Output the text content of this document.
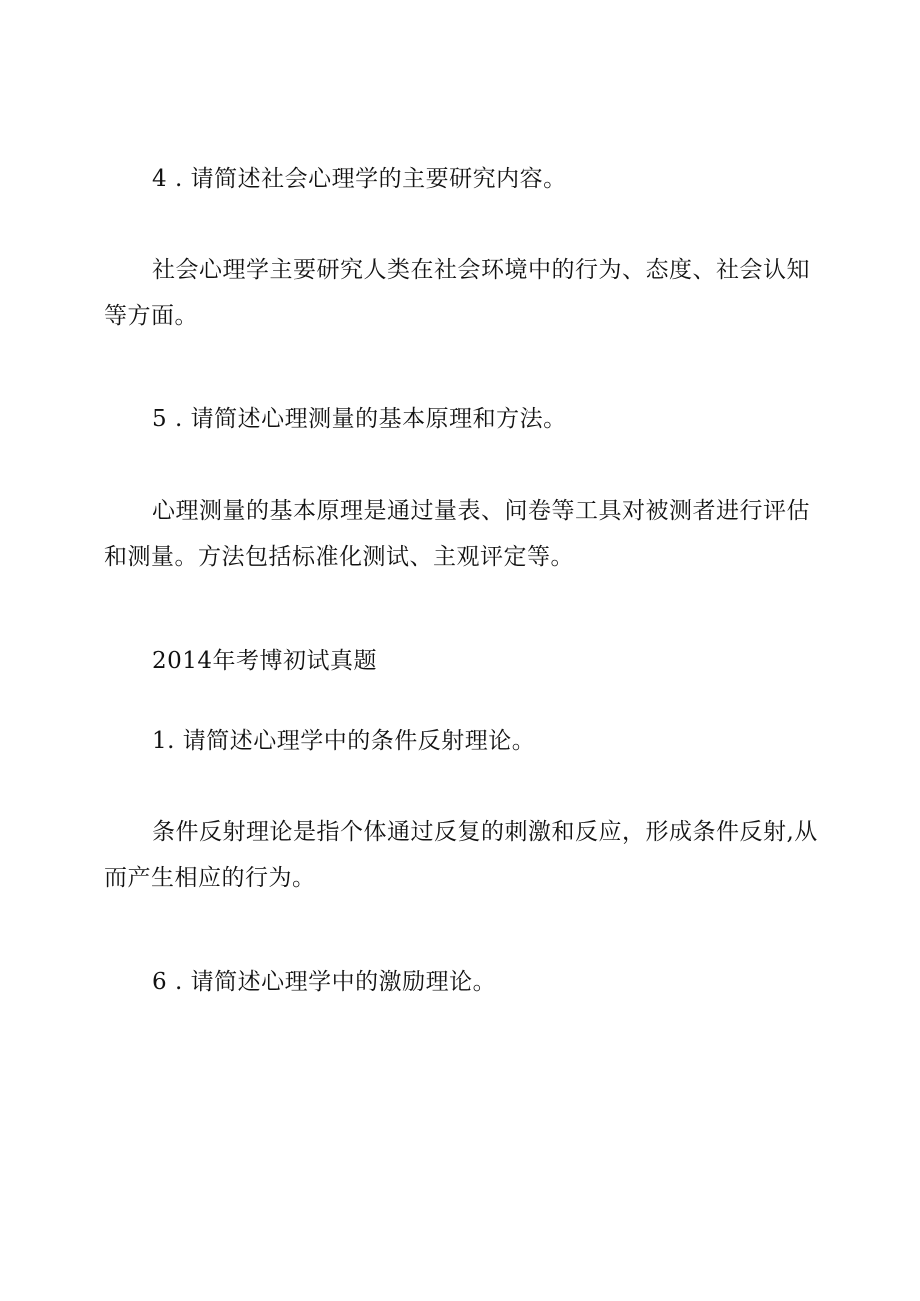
4 . 请简述社会心理学的主要研究内容。

社会心理学主要研究人类在社会环境中的行为、态度、社会认知等方面。

5 . 请简述心理测量的基本原理和方法。

心理测量的基本原理是通过量表、问卷等工具对被测者进行评估和测量。方法包括标准化测试、主观评定等。

2014年考博初试真题

1. 请简述心理学中的条件反射理论。

条件反射理论是指个体通过反复的刺激和反应，形成条件反射,从而产生相应的行为。

6 . 请简述心理学中的激励理论。
